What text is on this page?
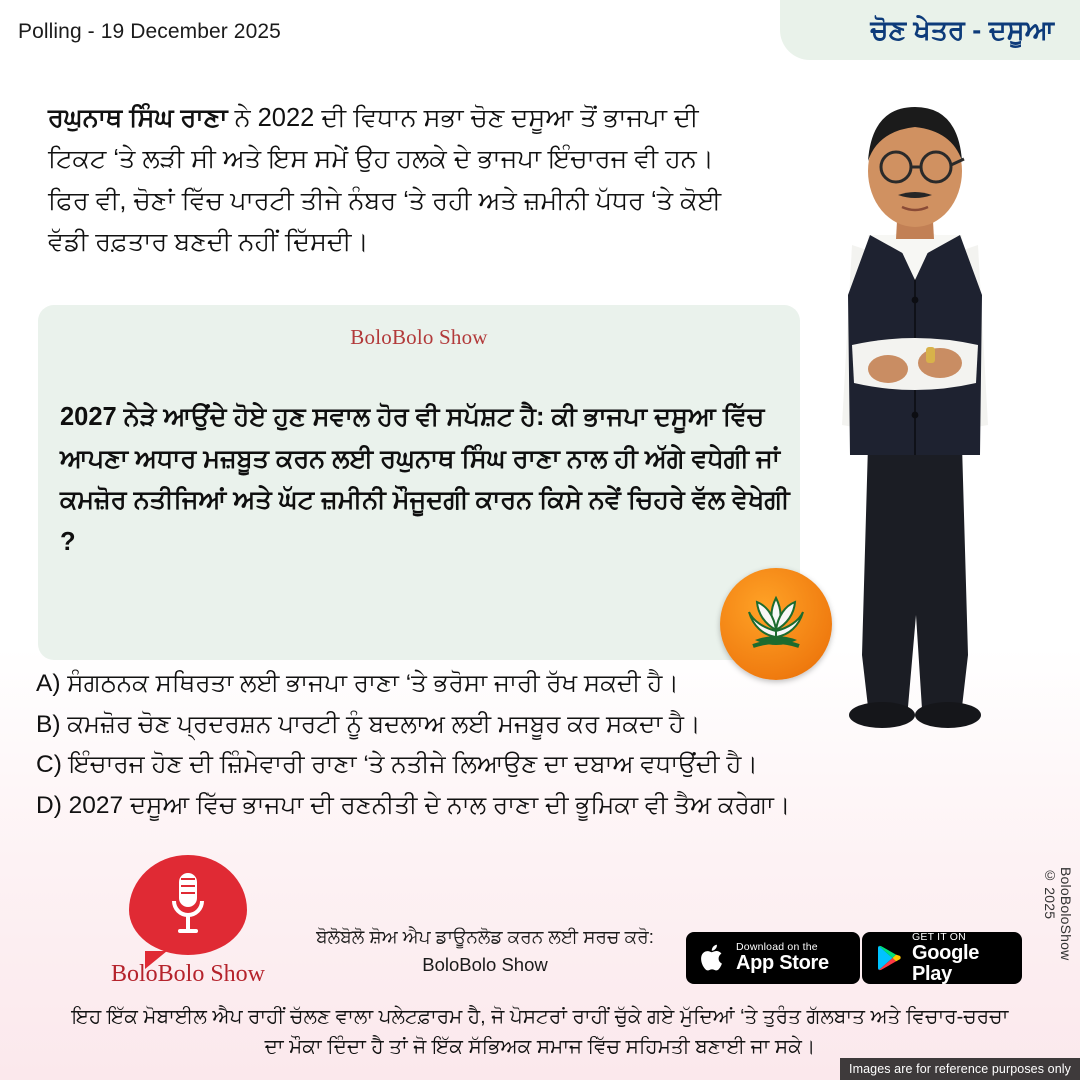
Polling - 19 December 2025	ਚੋਣ ਖੇਤਰ - ਦਸੂਆ
ਰਘੁਨਾਥ ਸਿੰਘ ਰਾਣਾ ਨੇ 2022 ਦੀ ਵਿਧਾਨ ਸਭਾ ਚੋਣ ਦਸੂਆ ਤੋਂ ਭਾਜਪਾ ਦੀ ਟਿਕਟ ‘ਤੇ ਲੜੀ ਸੀ ਅਤੇ ਇਸ ਸਮੇਂ ਉਹ ਹਲਕੇ ਦੇ ਭਾਜਪਾ ਇੰਚਾਰਜ ਵੀ ਹਨ। ਫਿਰ ਵੀ, ਚੋਣਾਂ ਵਿੱਚ ਪਾਰਟੀ ਤੀਜੇ ਨੰਬਰ ‘ਤੇ ਰਹੀ ਅਤੇ ਜ਼ਮੀਨੀ ਪੱਧਰ ‘ਤੇ ਕੋਈ ਵੱਡੀ ਰਫ਼ਤਾਰ ਬਣਦੀ ਨਹੀਂ ਦਿੱਸਦੀ।
BoloBolo Show
2027 ਨੇੜੇ ਆਉਂਦੇ ਹੋਏ ਹੁਣ ਸਵਾਲ ਹੋਰ ਵੀ ਸਪੱਸ਼ਟ ਹੈ: ਕੀ ਭਾਜਪਾ ਦਸੂਆ ਵਿੱਚ ਆਪਣਾ ਅਧਾਰ ਮਜ਼ਬੂਤ ਕਰਨ ਲਈ ਰਘੁਨਾਥ ਸਿੰਘ ਰਾਣਾ ਨਾਲ ਹੀ ਅੱਗੇ ਵਧੇਗੀ ਜਾਂ ਕਮਜ਼ੋਰ ਨਤੀਜਿਆਂ ਅਤੇ ਘੱਟ ਜ਼ਮੀਨੀ ਮੌਜੂਦਗੀ ਕਾਰਨ ਕਿਸੇ ਨਵੇਂ ਚਿਹਰੇ ਵੱਲ ਵੇਖੇਗੀ ?
A) ਸੰਗਠਨਕ ਸਥਿਰਤਾ ਲਈ ਭਾਜਪਾ ਰਾਣਾ ‘ਤੇ ਭਰੋਸਾ ਜਾਰੀ ਰੱਖ ਸਕਦੀ ਹੈ।
B) ਕਮਜ਼ੋਰ ਚੋਣ ਪ੍ਰਦਰਸ਼ਨ ਪਾਰਟੀ ਨੂੰ ਬਦਲਾਅ ਲਈ ਮਜਬੂਰ ਕਰ ਸਕਦਾ ਹੈ।
C) ਇੰਚਾਰਜ ਹੋਣ ਦੀ ਜ਼ਿੰਮੇਵਾਰੀ ਰਾਣਾ ‘ਤੇ ਨਤੀਜੇ ਲਿਆਉਣ ਦਾ ਦਬਾਅ ਵਧਾਉਂਦੀ ਹੈ।
D) 2027 ਦਸੂਆ ਵਿੱਚ ਭਾਜਪਾ ਦੀ ਰਣਨੀਤੀ ਦੇ ਨਾਲ ਰਾਣਾ ਦੀ ਭੂਮਿਕਾ ਵੀ ਤੈਅ ਕਰੇਗਾ।
BoloBolo Show
ਬੋਲੋਬੋਲੋ ਸ਼ੋਅ ਐਪ ਡਾਊਨਲੋਡ ਕਰਨ ਲਈ ਸਰਚ ਕਰੋ:
BoloBolo Show
Download on the
App Store
GET IT ON
Google Play
ਇਹ ਇੱਕ ਮੋਬਾਈਲ ਐਪ ਰਾਹੀਂ ਚੱਲਣ ਵਾਲਾ ਪਲੇਟਫ਼ਾਰਮ ਹੈ, ਜੋ ਪੋਸਟਰਾਂ ਰਾਹੀਂ ਚੁੱਕੇ ਗਏ ਮੁੱਦਿਆਂ ‘ਤੇ ਤੁਰੰਤ ਗੱਲਬਾਤ ਅਤੇ ਵਿਚਾਰ-ਚਰਚਾ ਦਾ ਮੌਕਾ ਦਿੰਦਾ ਹੈ ਤਾਂ ਜੋ ਇੱਕ ਸੱਭਿਅਕ ਸਮਾਜ ਵਿੱਚ ਸਹਿਮਤੀ ਬਣਾਈ ਜਾ ਸਕੇ।
BoloBoloShow © 2025
Images are for reference purposes only
